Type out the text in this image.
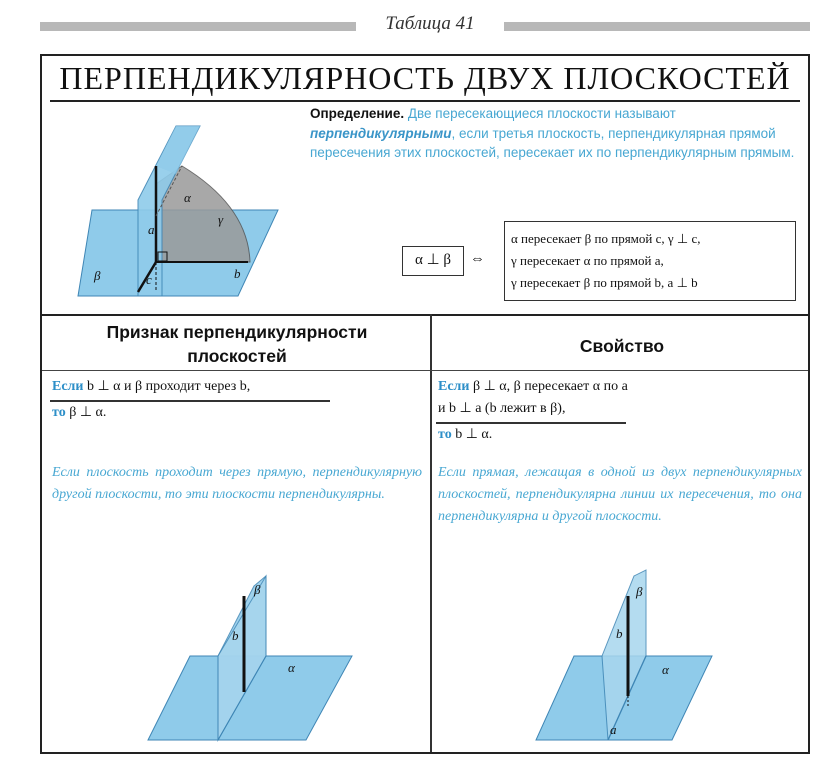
Таблица 41
ПЕРПЕНДИКУЛЯРНОСТЬ ДВУХ ПЛОСКОСТЕЙ
α
γ
a
b
c
β
Определение. Две пересекающиеся плоскости называют перпендикулярными, если третья плоскость, перпендикулярная прямой пересечения этих плоскостей, пересекает их по перпендикулярным прямым.
α ⊥ β	⇔
α пересекает β по прямой c, γ ⊥ c,
γ пересекает α по прямой a,
γ пересекает β по прямой b, a ⊥ b
Признак перпендикулярности плоскостей
Если b ⊥ α и β проходит через b,
то β ⊥ α.
Если плоскость проходит через прямую, перпендикулярную другой плоскости, то эти плоскости перпендикулярны.
β
b
α
Свойство
Если β ⊥ α, β пересекает α по a
и b ⊥ a (b лежит в β),
то b ⊥ α.
Если прямая, лежащая в одной из двух перпендикулярных плоскостей, перпендикулярна линии их пересечения, то она перпендикулярна и другой плоскости.
β
b
α
a
